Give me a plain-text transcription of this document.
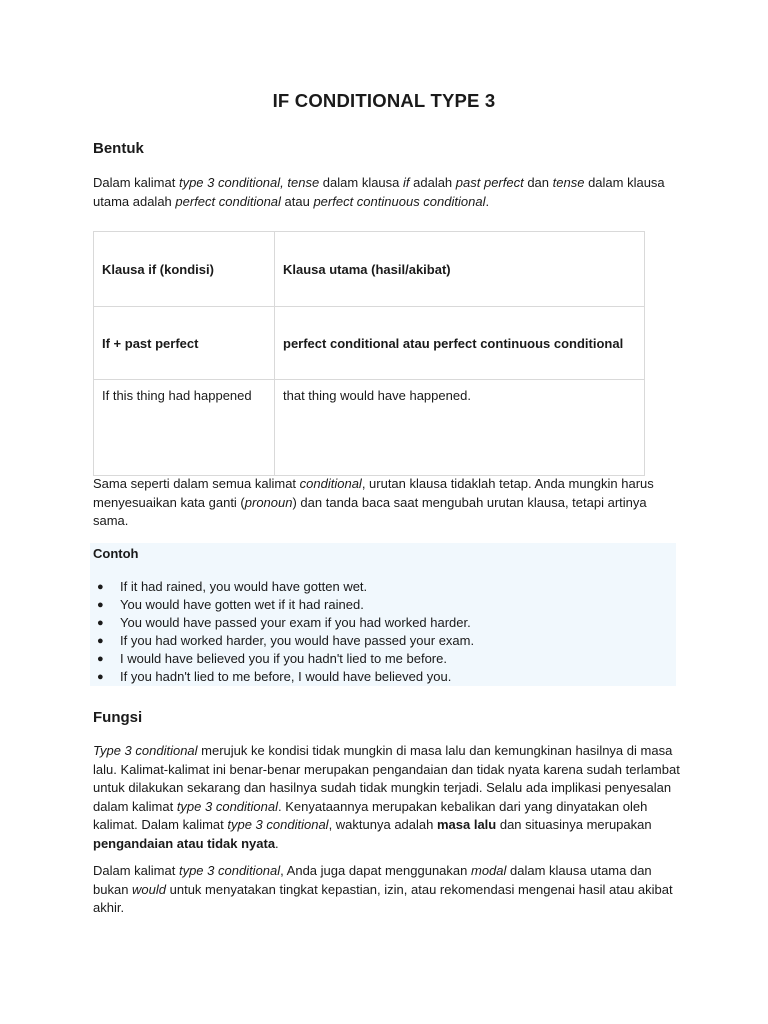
IF CONDITIONAL TYPE 3
Bentuk
Dalam kalimat type 3 conditional, tense dalam klausa if adalah past perfect dan tense dalam klausa utama adalah perfect conditional atau perfect continuous conditional.
Klausa if (kondisi)	Klausa utama (hasil/akibat)
If + past perfect	perfect conditional atau perfect continuous conditional

If this thing had happened	that thing would have happened.
Sama seperti dalam semua kalimat conditional, urutan klausa tidaklah tetap. Anda mungkin harus menyesuaikan kata ganti (pronoun) dan tanda baca saat mengubah urutan klausa, tetapi artinya sama.
Contoh
● If it had rained, you would have gotten wet.
● You would have gotten wet if it had rained.
● You would have passed your exam if you had worked harder.
● If you had worked harder, you would have passed your exam.
● I would have believed you if you hadn't lied to me before.
● If you hadn't lied to me before, I would have believed you.
Fungsi
Type 3 conditional merujuk ke kondisi tidak mungkin di masa lalu dan kemungkinan hasilnya di masa lalu. Kalimat-kalimat ini benar-benar merupakan pengandaian dan tidak nyata karena sudah terlambat untuk dilakukan sekarang dan hasilnya sudah tidak mungkin terjadi. Selalu ada implikasi penyesalan dalam kalimat type 3 conditional. Kenyataannya merupakan kebalikan dari yang dinyatakan oleh kalimat. Dalam kalimat type 3 conditional, waktunya adalah masa lalu dan situasinya merupakan pengandaian atau tidak nyata.
Dalam kalimat type 3 conditional, Anda juga dapat menggunakan modal dalam klausa utama dan bukan would untuk menyatakan tingkat kepastian, izin, atau rekomendasi mengenai hasil atau akibat akhir.
